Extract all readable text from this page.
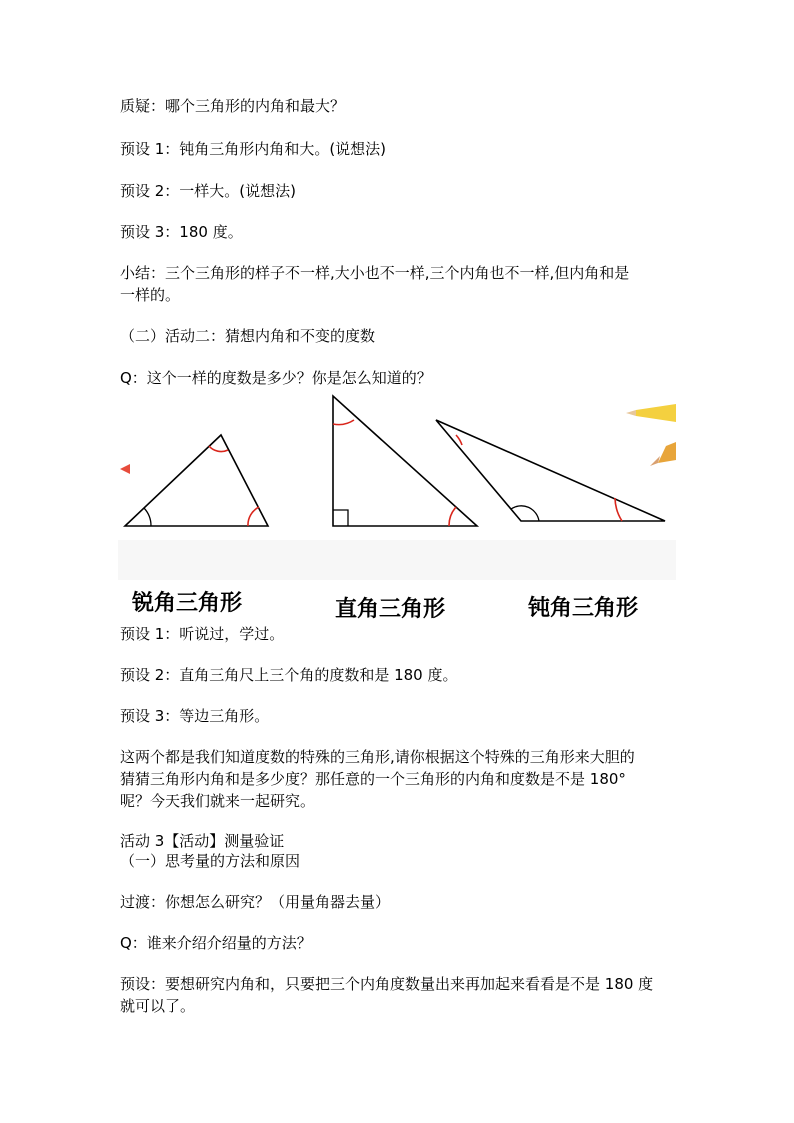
质疑：哪个三角形的内角和最大？
预设 1：钝角三角形内角和大。(说想法)
预设 2：一样大。(说想法)
预设 3：180 度。
小结：三个三角形的样子不一样,大小也不一样,三个内角也不一样,但内角和是
一样的。
（二）活动二：猜想内角和不变的度数
Q：这个一样的度数是多少？你是怎么知道的？
锐角三角形	直角三角形	钝角三角形
预设 1：听说过，学过。
预设 2：直角三角尺上三个角的度数和是 180 度。
预设 3：等边三角形。
这两个都是我们知道度数的特殊的三角形,请你根据这个特殊的三角形来大胆的
猜猜三角形内角和是多少度？那任意的一个三角形的内角和度数是不是 180°
呢？今天我们就来一起研究。
活动 3【活动】测量验证
（一）思考量的方法和原因
过渡：你想怎么研究？（用量角器去量）
Q：谁来介绍介绍量的方法？
预设：要想研究内角和，只要把三个内角度数量出来再加起来看看是不是 180 度
就可以了。
